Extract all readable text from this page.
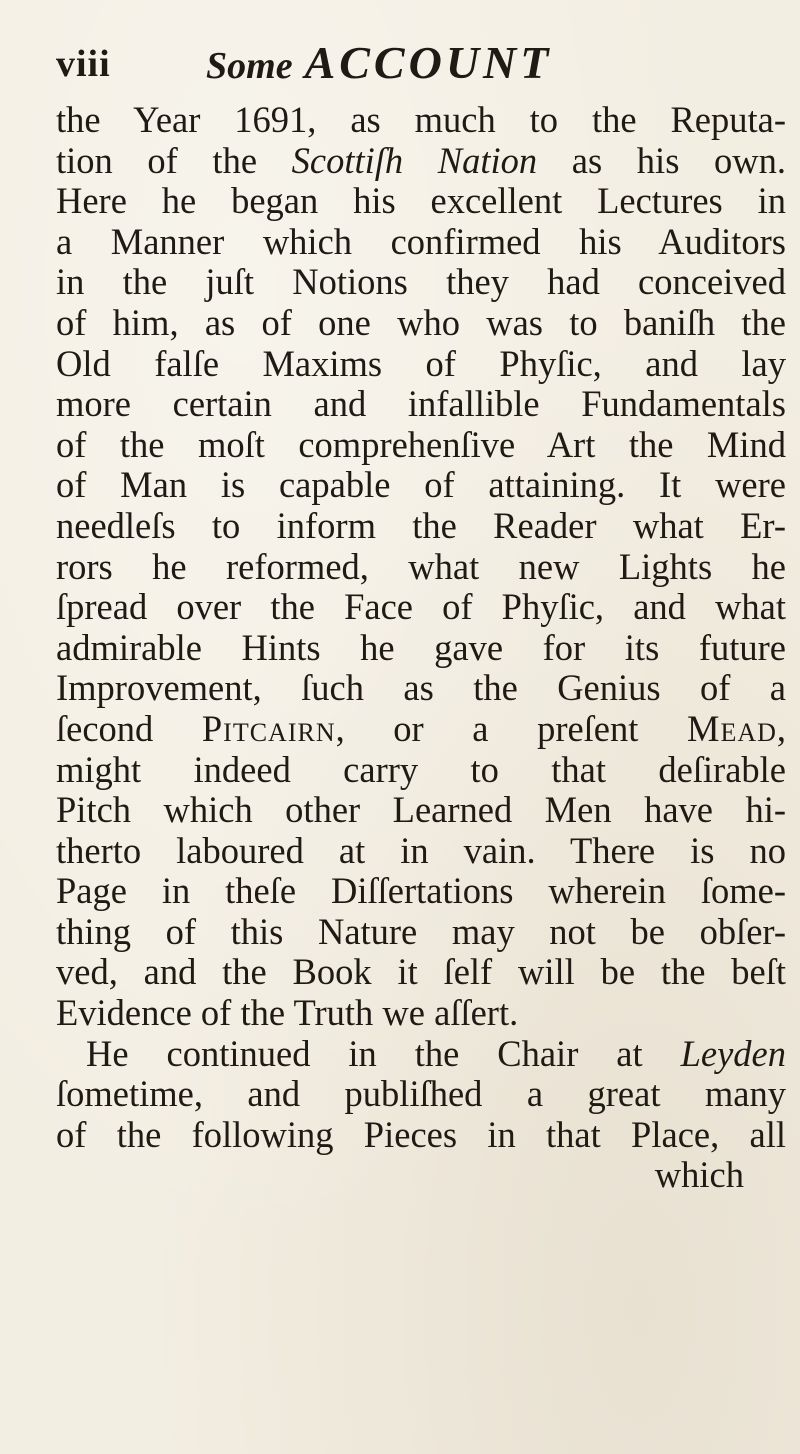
viii	Some ACCOUNT
the Year 1691, as much to the Reputa-
tion of the Scottiſh Nation as his own.
Here he began his excellent Lectures in
a Manner which confirmed his Auditors
in the juſt Notions they had conceived
of him, as of one who was to baniſh the
Old falſe Maxims of Phyſic, and lay
more certain and infallible Fundamentals
of the moſt comprehenſive Art the Mind
of Man is capable of attaining. It were
needleſs to inform the Reader what Er-
rors he reformed, what new Lights he
ſpread over the Face of Phyſic, and what
admirable Hints he gave for its future
Improvement, ſuch as the Genius of a
ſecond Pitcairn, or a preſent Mead,
might indeed carry to that deſirable
Pitch which other Learned Men have hi-
therto laboured at in vain. There is no
Page in theſe Diſſertations wherein ſome-
thing of this Nature may not be obſer-
ved, and the Book it ſelf will be the beſt
Evidence of the Truth we aſſert.
He continued in the Chair at Leyden
ſometime, and publiſhed a great many
of the following Pieces in that Place, all
which
